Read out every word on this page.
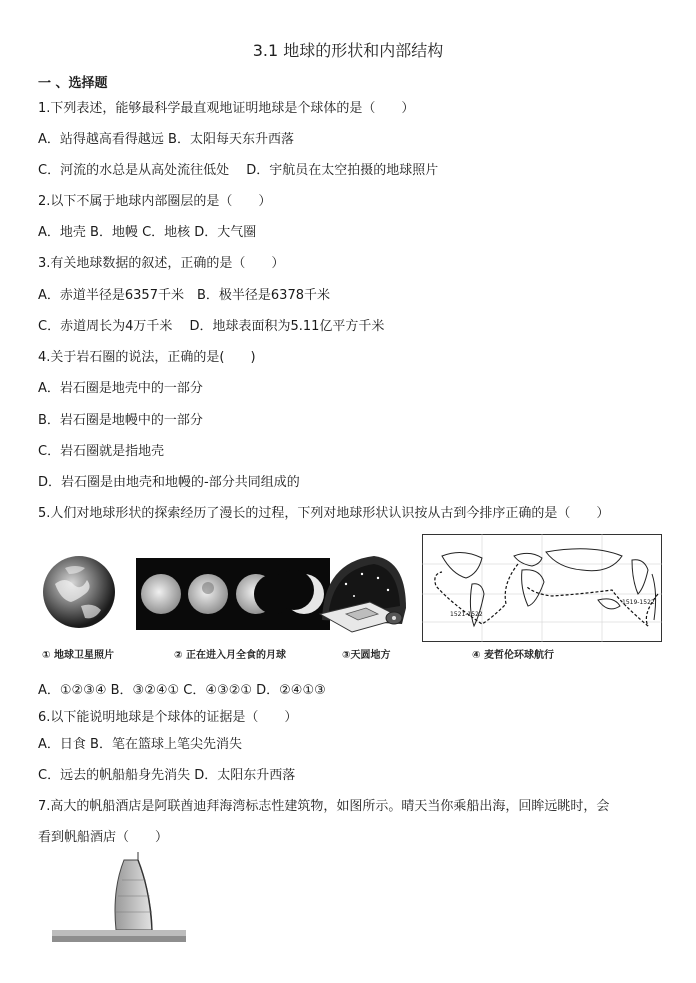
3.1 地球的形状和内部结构
一 、选择题
1.下列表述，能够最科学最直观地证明地球是个球体的是（　　）
A．站得越高看得越远 B．太阳每天东升西落
C．河流的水总是从高处流往低处　 D．宇航员在太空拍摄的地球照片
2.以下不属于地球内部圈层的是（　　）
A．地壳 B．地幔 C．地核 D．大气圈
3.有关地球数据的叙述，正确的是（　　）
A．赤道半径是6357千米　B．极半径是6378千米
C．赤道周长为4万千米　 D．地球表面积为5.11亿平方千米
4.关于岩石圈的说法，正确的是(　　)
A．岩石圈是地壳中的一部分
B．岩石圈是地幔中的一部分
C．岩石圈就是指地壳
D．岩石圈是由地壳和地幔的-部分共同组成的
5.人们对地球形状的探索经历了漫长的过程，下列对地球形状认识按从古到今排序正确的是（　　）
1519-1522
1521-1522
① 地球卫星照片	② 正在进入月全食的月球	③天圆地方	④ 麦哲伦环球航行
A．①②③④ B．③②④① C．④③②① D．②④①③
6.以下能说明地球是个球体的证据是（　　）
A．日食 B．笔在篮球上笔尖先消失
C．远去的帆船船身先消失 D．太阳东升西落
7.高大的帆船酒店是阿联酋迪拜海湾标志性建筑物，如图所示。晴天当你乘船出海，回眸远眺时，会
看到帆船酒店（　　）
